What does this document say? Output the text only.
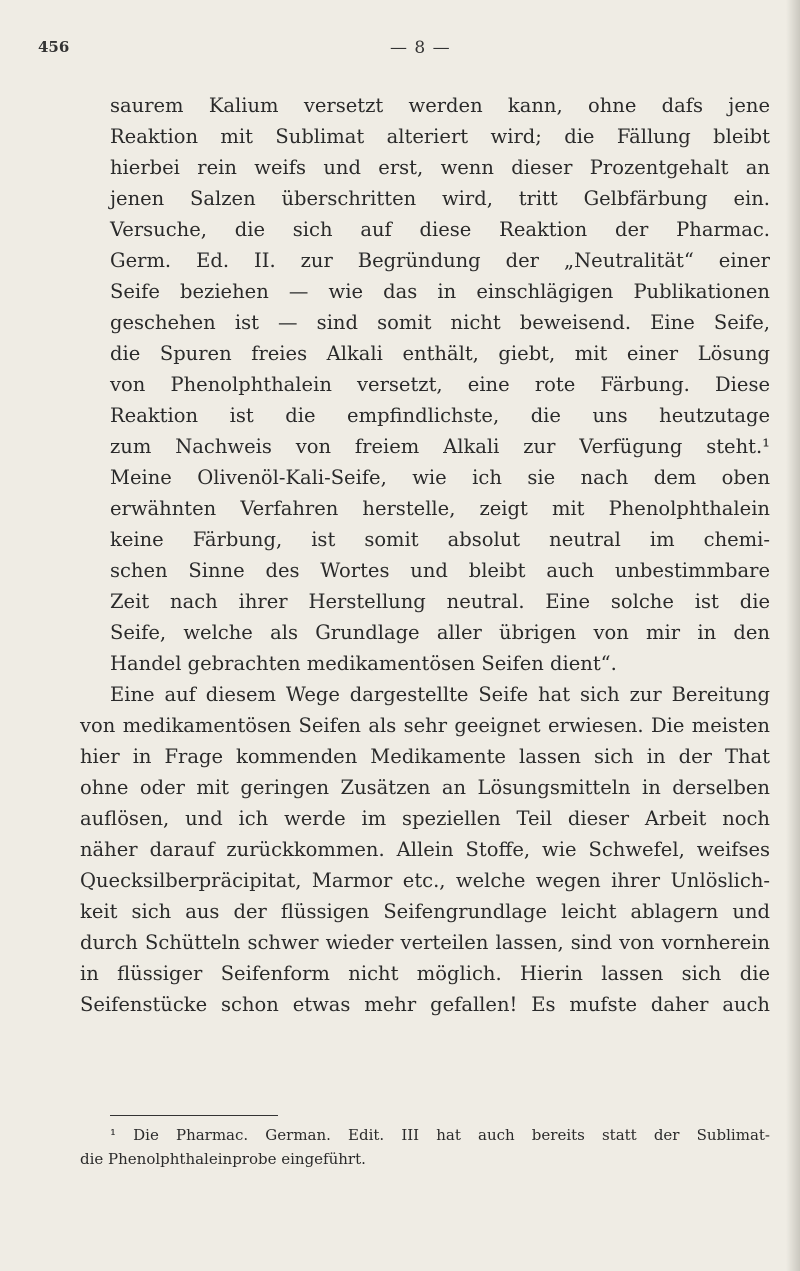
456	— 8 —
saurem Kalium versetzt werden kann, ohne dafs jene
Reaktion mit Sublimat alteriert wird; die Fällung bleibt
hierbei rein weifs und erst, wenn dieser Prozentgehalt an
jenen Salzen überschritten wird, tritt Gelbfärbung ein.
Versuche, die sich auf diese Reaktion der Pharmac.
Germ. Ed. II. zur Begründung der „Neutralität“ einer
Seife beziehen — wie das in einschlägigen Publikationen
geschehen ist — sind somit nicht beweisend. Eine Seife,
die Spuren freies Alkali enthält, giebt, mit einer Lösung
von Phenolphthalein versetzt, eine rote Färbung. Diese
Reaktion ist die empfindlichste, die uns heutzutage
zum Nachweis von freiem Alkali zur Verfügung steht.¹
Meine Olivenöl-Kali-Seife, wie ich sie nach dem oben
erwähnten Verfahren herstelle, zeigt mit Phenolphthalein
keine Färbung, ist somit absolut neutral im chemi-
schen Sinne des Wortes und bleibt auch unbestimmbare
Zeit nach ihrer Herstellung neutral. Eine solche ist die
Seife, welche als Grundlage aller übrigen von mir in den
Handel gebrachten medikamentösen Seifen dient“.
Eine auf diesem Wege dargestellte Seife hat sich zur Bereitung
von medikamentösen Seifen als sehr geeignet erwiesen. Die meisten
hier in Frage kommenden Medikamente lassen sich in der That
ohne oder mit geringen Zusätzen an Lösungsmitteln in derselben
auflösen, und ich werde im speziellen Teil dieser Arbeit noch
näher darauf zurückkommen. Allein Stoffe, wie Schwefel, weifses
Quecksilberpräcipitat, Marmor etc., welche wegen ihrer Unlöslich-
keit sich aus der flüssigen Seifengrundlage leicht ablagern und
durch Schütteln schwer wieder verteilen lassen, sind von vornherein
in flüssiger Seifenform nicht möglich. Hierin lassen sich die
Seifenstücke schon etwas mehr gefallen! Es mufste daher auch
¹ Die Pharmac. German. Edit. III hat auch bereits statt der Sublimat-
die Phenolphthaleinprobe eingeführt.
